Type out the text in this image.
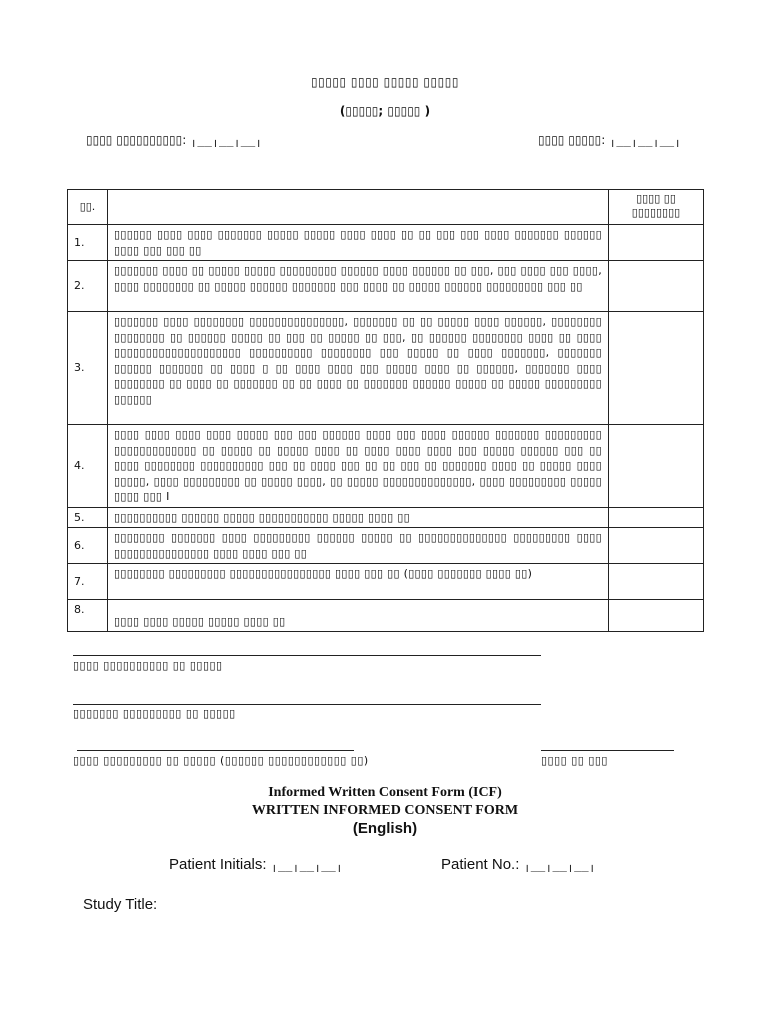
▯▯▯▯▯ ▯▯▯▯ ▯▯▯▯▯ ▯▯▯▯▯
(▯▯▯▯▯; ▯▯▯▯▯ )
▯▯▯▯ ▯▯▯▯▯▯▯▯▯▯: ╷__╷__╷__╷	▯▯▯▯ ▯▯▯▯▯: ╷__╷__╷__╷
▯▯.		▯▯▯▯ ▯▯ ▯▯▯▯▯▯▯▯
1.	▯▯▯▯▯▯ ▯▯▯▯ ▯▯▯▯ ▯▯▯▯▯▯▯ ▯▯▯▯▯ ▯▯▯▯▯ ▯▯▯▯ ▯▯▯▯ ▯▯ ▯▯ ▯▯▯ ▯▯▯ ▯▯▯▯ ▯▯▯▯▯▯▯ ▯▯▯▯▯▯ ▯▯▯▯ ▯▯▯ ▯▯▯ ▯▯	
2.	▯▯▯▯▯▯▯ ▯▯▯▯ ▯▯ ▯▯▯▯▯ ▯▯▯▯▯ ▯▯▯▯▯▯▯▯▯ ▯▯▯▯▯▯ ▯▯▯▯ ▯▯▯▯▯▯ ▯▯ ▯▯▯, ▯▯▯ ▯▯▯▯ ▯▯▯ ▯▯▯▯, ▯▯▯▯ ▯▯▯▯▯▯▯▯ ▯▯ ▯▯▯▯▯ ▯▯▯▯▯▯ ▯▯▯▯▯▯▯ ▯▯▯ ▯▯▯▯ ▯▯ ▯▯▯▯▯ ▯▯▯▯▯▯ ▯▯▯▯▯▯▯▯▯ ▯▯▯ ▯▯	
3.	▯▯▯▯▯▯▯ ▯▯▯▯ ▯▯▯▯▯▯▯▯ ▯▯▯▯▯▯▯▯▯▯▯▯▯▯▯, ▯▯▯▯▯▯▯ ▯▯ ▯▯ ▯▯▯▯▯ ▯▯▯▯ ▯▯▯▯▯▯, ▯▯▯▯▯▯▯▯ ▯▯▯▯▯▯▯▯ ▯▯ ▯▯▯▯▯▯ ▯▯▯▯▯ ▯▯ ▯▯▯ ▯▯ ▯▯▯▯▯ ▯▯ ▯▯▯, ▯▯ ▯▯▯▯▯▯ ▯▯▯▯▯▯▯▯ ▯▯▯▯ ▯▯ ▯▯▯▯ ▯▯▯▯▯▯▯▯▯▯▯▯▯▯▯▯▯▯▯▯ ▯▯▯▯▯▯▯▯▯▯ ▯▯▯▯▯▯▯▯ ▯▯▯ ▯▯▯▯▯ ▯▯ ▯▯▯▯ ▯▯▯▯▯▯▯, ▯▯▯▯▯▯▯ ▯▯▯▯▯▯ ▯▯▯▯▯▯▯ ▯▯ ▯▯▯▯ ▯ ▯▯ ▯▯▯▯ ▯▯▯▯ ▯▯▯ ▯▯▯▯▯ ▯▯▯▯ ▯▯ ▯▯▯▯▯▯, ▯▯▯▯▯▯▯ ▯▯▯▯ ▯▯▯▯▯▯▯▯ ▯▯ ▯▯▯▯ ▯▯ ▯▯▯▯▯▯▯ ▯▯ ▯▯ ▯▯▯▯ ▯▯ ▯▯▯▯▯▯▯ ▯▯▯▯▯▯ ▯▯▯▯▯ ▯▯ ▯▯▯▯▯ ▯▯▯▯▯▯▯▯▯ ▯▯▯▯▯▯	
4.	▯▯▯▯ ▯▯▯▯ ▯▯▯▯ ▯▯▯▯ ▯▯▯▯▯ ▯▯▯ ▯▯▯ ▯▯▯▯▯▯ ▯▯▯▯ ▯▯▯ ▯▯▯▯ ▯▯▯▯▯▯ ▯▯▯▯▯▯▯ ▯▯▯▯▯▯▯▯▯ ▯▯▯▯▯▯▯▯▯▯▯▯▯ ▯▯ ▯▯▯▯▯ ▯▯ ▯▯▯▯▯ ▯▯▯▯ ▯▯ ▯▯▯▯ ▯▯▯▯ ▯▯▯▯ ▯▯▯ ▯▯▯▯▯ ▯▯▯▯▯▯ ▯▯▯ ▯▯ ▯▯▯▯ ▯▯▯▯▯▯▯▯ ▯▯▯▯▯▯▯▯▯▯ ▯▯▯ ▯▯ ▯▯▯▯ ▯▯▯ ▯▯ ▯▯ ▯▯▯ ▯▯ ▯▯▯▯▯▯▯ ▯▯▯▯ ▯▯ ▯▯▯▯▯ ▯▯▯▯ ▯▯▯▯▯, ▯▯▯▯ ▯▯▯▯▯▯▯▯▯ ▯▯ ▯▯▯▯▯ ▯▯▯▯, ▯▯ ▯▯▯▯▯ ▯▯▯▯▯▯▯▯▯▯▯▯▯▯, ▯▯▯▯ ▯▯▯▯▯▯▯▯▯ ▯▯▯▯▯ ▯▯▯▯ ▯▯▯ I	
5.	▯▯▯▯▯▯▯▯▯▯ ▯▯▯▯▯▯ ▯▯▯▯▯ ▯▯▯▯▯▯▯▯▯▯▯ ▯▯▯▯▯ ▯▯▯▯ ▯▯	
6.	▯▯▯▯▯▯▯▯ ▯▯▯▯▯▯▯ ▯▯▯▯ ▯▯▯▯▯▯▯▯▯ ▯▯▯▯▯▯ ▯▯▯▯▯ ▯▯ ▯▯▯▯▯▯▯▯▯▯▯▯▯▯ ▯▯▯▯▯▯▯▯▯ ▯▯▯▯ ▯▯▯▯▯▯▯▯▯▯▯▯▯▯▯ ▯▯▯▯ ▯▯▯▯ ▯▯▯ ▯▯	
7.	▯▯▯▯▯▯▯▯ ▯▯▯▯▯▯▯▯▯ ▯▯▯▯▯▯▯▯▯▯▯▯▯▯▯▯ ▯▯▯▯ ▯▯▯ ▯▯ (▯▯▯▯ ▯▯▯▯▯▯▯ ▯▯▯▯ ▯▯)	
8.	▯▯▯▯ ▯▯▯▯ ▯▯▯▯▯ ▯▯▯▯▯ ▯▯▯▯ ▯▯	
▯▯▯▯ ▯▯▯▯▯▯▯▯▯▯ ▯▯ ▯▯▯▯▯
▯▯▯▯▯▯▯ ▯▯▯▯▯▯▯▯▯ ▯▯ ▯▯▯▯▯
▯▯▯▯ ▯▯▯▯▯▯▯▯▯ ▯▯ ▯▯▯▯▯ (▯▯▯▯▯▯ ▯▯▯▯▯▯▯▯▯▯▯▯ ▯▯)	▯▯▯▯ ▯▯ ▯▯▯
Informed Written Consent Form (ICF)
WRITTEN INFORMED CONSENT FORM
(English)
Patient Initials: ╷__╷__╷__╷	Patient No.: ╷__╷__╷__╷
Study Title:
